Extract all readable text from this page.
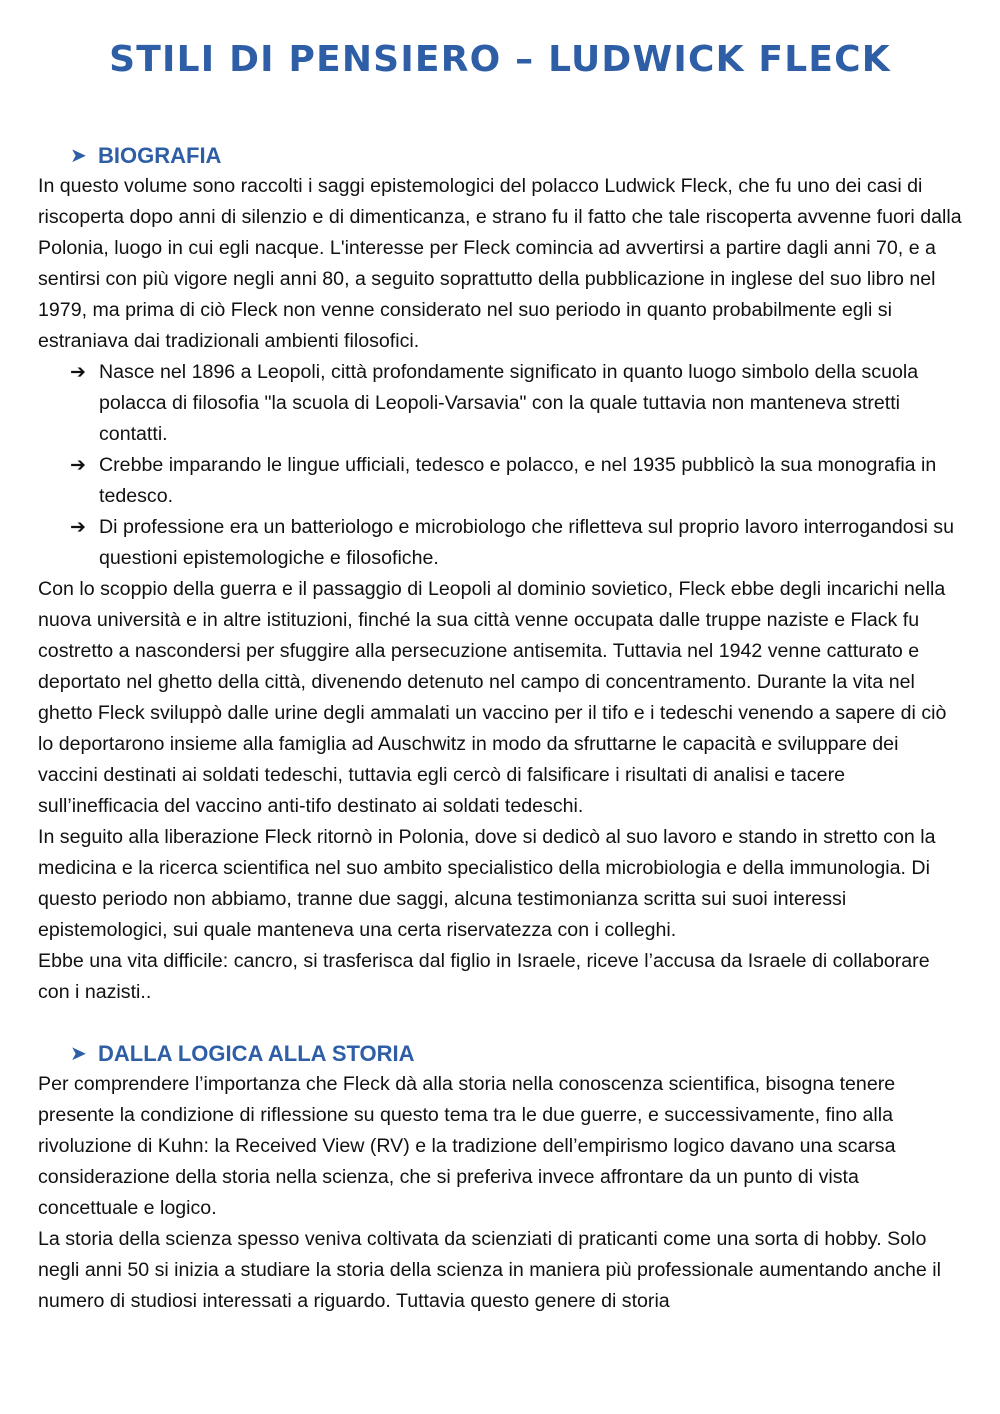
STILI DI PENSIERO – LUDWICK FLECK
➤ BIOGRAFIA

In questo volume sono raccolti i saggi epistemologici del polacco Ludwick Fleck, che fu uno dei casi di riscoperta dopo anni di silenzio e di dimenticanza, e strano fu il fatto che tale riscoperta avvenne fuori dalla Polonia, luogo in cui egli nacque. L'interesse per Fleck comincia ad avvertirsi a partire dagli anni 70, e a sentirsi con più vigore negli anni 80, a seguito soprattutto della pubblicazione in inglese del suo libro nel 1979, ma prima di ciò Fleck non venne considerato nel suo periodo in quanto probabilmente egli si estraniava dai tradizionali ambienti filosofici.

➔ Nasce nel 1896 a Leopoli, città profondamente significato in quanto luogo simbolo della scuola polacca di filosofia "la scuola di Leopoli-Varsavia" con la quale tuttavia non manteneva stretti contatti.
➔ Crebbe imparando le lingue ufficiali, tedesco e polacco, e nel 1935 pubblicò la sua monografia in tedesco.
➔ Di professione era un batteriologo e microbiologo che rifletteva sul proprio lavoro interrogandosi su questioni epistemologiche e filosofiche.

Con lo scoppio della guerra e il passaggio di Leopoli al dominio sovietico, Fleck ebbe degli incarichi nella nuova università e in altre istituzioni, finché la sua città venne occupata dalle truppe naziste e Flack fu costretto a nascondersi per sfuggire alla persecuzione antisemita. Tuttavia nel 1942 venne catturato e deportato nel ghetto della città, divenendo detenuto nel campo di concentramento. Durante la vita nel ghetto Fleck sviluppò dalle urine degli ammalati un vaccino per il tifo e i tedeschi venendo a sapere di ciò lo deportarono insieme alla famiglia ad Auschwitz in modo da sfruttarne le capacità e sviluppare dei vaccini destinati ai soldati tedeschi, tuttavia egli cercò di falsificare i risultati di analisi e tacere sull’inefficacia del vaccino anti-tifo destinato ai soldati tedeschi.

In seguito alla liberazione Fleck ritornò in Polonia, dove si dedicò al suo lavoro e stando in stretto con la medicina e la ricerca scientifica nel suo ambito specialistico della microbiologia e della immunologia. Di questo periodo non abbiamo, tranne due saggi, alcuna testimonianza scritta sui suoi interessi epistemologici, sui quale manteneva una certa riservatezza con i colleghi.

Ebbe una vita difficile: cancro, si trasferisca dal figlio in Israele, riceve l’accusa da Israele di collaborare con i nazisti..

➤ DALLA LOGICA ALLA STORIA

Per comprendere l’importanza che Fleck dà alla storia nella conoscenza scientifica, bisogna tenere presente la condizione di riflessione su questo tema tra le due guerre, e successivamente, fino alla rivoluzione di Kuhn: la Received View (RV) e la tradizione dell’empirismo logico davano una scarsa considerazione della storia nella scienza, che si preferiva invece affrontare da un punto di vista concettuale e logico.

La storia della scienza spesso veniva coltivata da scienziati di praticanti come una sorta di hobby. Solo negli anni 50 si inizia a studiare la storia della scienza in maniera più professionale aumentando anche il numero di studiosi interessati a riguardo. Tuttavia questo genere di storia
